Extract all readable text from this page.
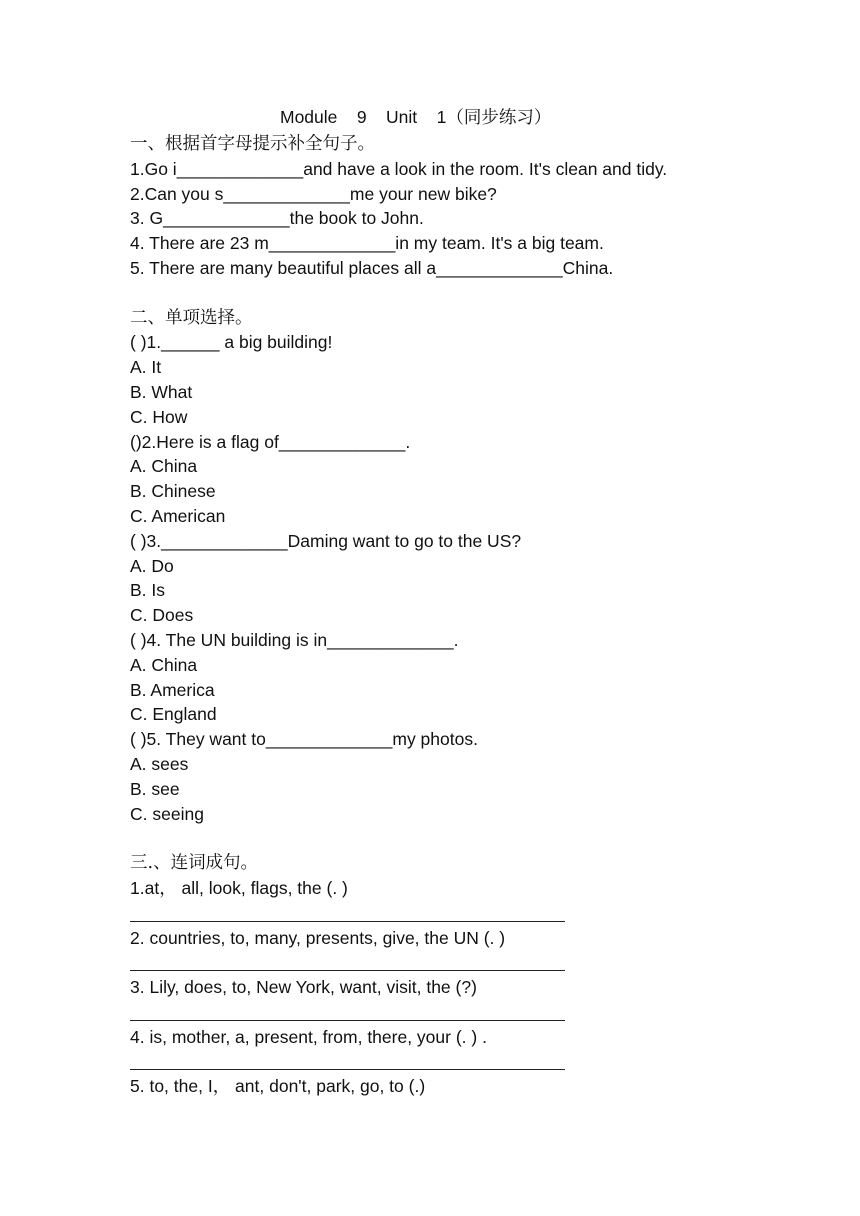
Module    9    Unit    1（同步练习）
一、根据首字母提示补全句子。
1.Go i_____________and have a look in the room. It's clean and tidy.
2.Can you s_____________me your new bike?
3. G_____________the book to John.
4. There are 23 m_____________in my team. It's a big team.
5. There are many beautiful places all a_____________China.
二、单项选择。
( )1.______ a big building!
A. It
B. What
C. How
()2.Here is a flag of_____________.
A. China
B. Chinese
C. American
( )3._____________Daming want to go to the US?
A. Do
B. Is
C. Does
( )4. The UN building is in_____________.
A. China
B. America
C. England
( )5. They want to_____________my photos.
A. sees
B. see
C. seeing
三.、连词成句。
1.at， all, look, flags, the (. )
2. countries, to, many, presents, give, the UN (. )
3. Lily, does, to, New York, want, visit, the (?)
4. is, mother, a, present, from, there, your (. ) .
5. to, the, I， ant, don't, park, go, to (.)
